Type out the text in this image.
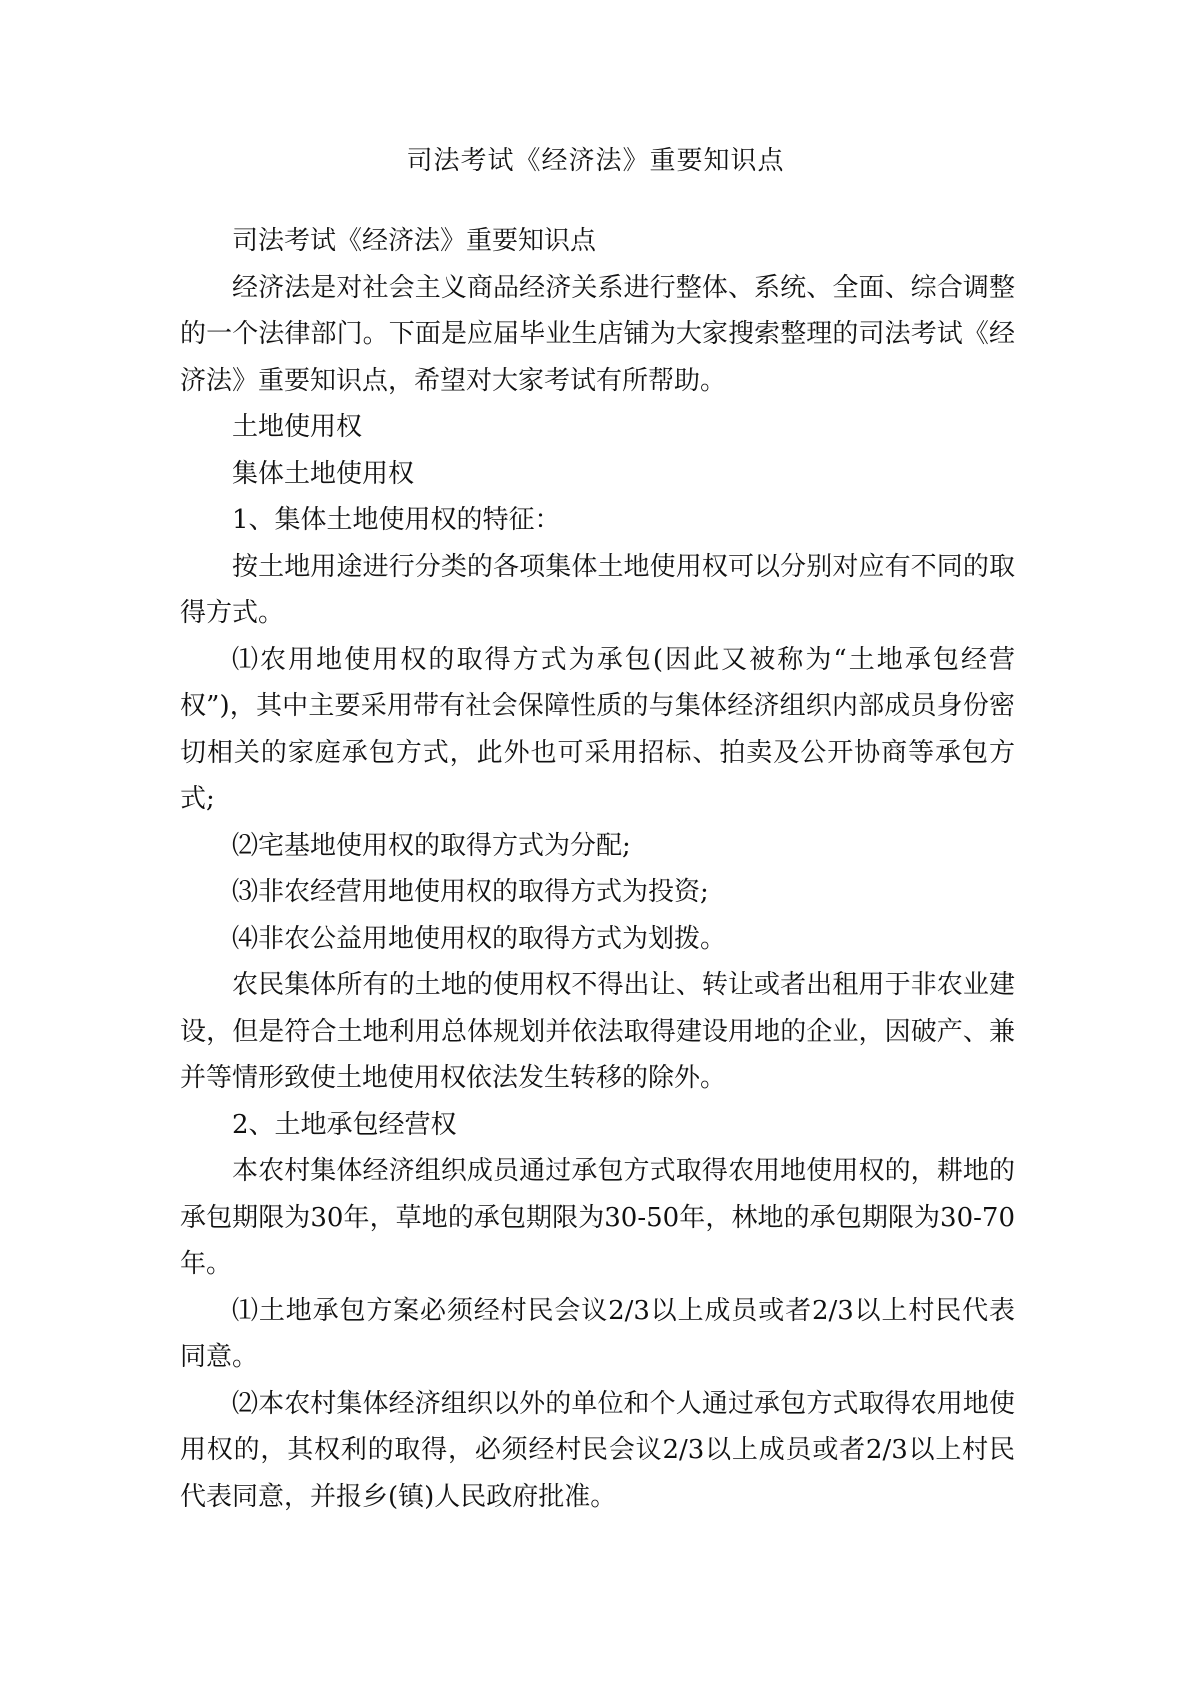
司法考试《经济法》重要知识点

司法考试《经济法》重要知识点

经济法是对社会主义商品经济关系进行整体、系统、全面、综合调整的一个法律部门。下面是应届毕业生店铺为大家搜索整理的司法考试《经济法》重要知识点，希望对大家考试有所帮助。

土地使用权

集体土地使用权

1、集体土地使用权的特征：

按土地用途进行分类的各项集体土地使用权可以分别对应有不同的取得方式。

⑴农用地使用权的取得方式为承包(因此又被称为“土地承包经营权”)，其中主要采用带有社会保障性质的与集体经济组织内部成员身份密切相关的家庭承包方式，此外也可采用招标、拍卖及公开协商等承包方式;

⑵宅基地使用权的取得方式为分配;

⑶非农经营用地使用权的取得方式为投资;

⑷非农公益用地使用权的取得方式为划拨。

农民集体所有的土地的使用权不得出让、转让或者出租用于非农业建设，但是符合土地利用总体规划并依法取得建设用地的企业，因破产、兼并等情形致使土地使用权依法发生转移的除外。

2、土地承包经营权

本农村集体经济组织成员通过承包方式取得农用地使用权的，耕地的承包期限为30年，草地的承包期限为30-50年，林地的承包期限为30-70年。

⑴土地承包方案必须经村民会议2/3以上成员或者2/3以上村民代表同意。

⑵本农村集体经济组织以外的单位和个人通过承包方式取得农用地使用权的，其权利的取得，必须经村民会议2/3以上成员或者2/3以上村民代表同意，并报乡(镇)人民政府批准。
